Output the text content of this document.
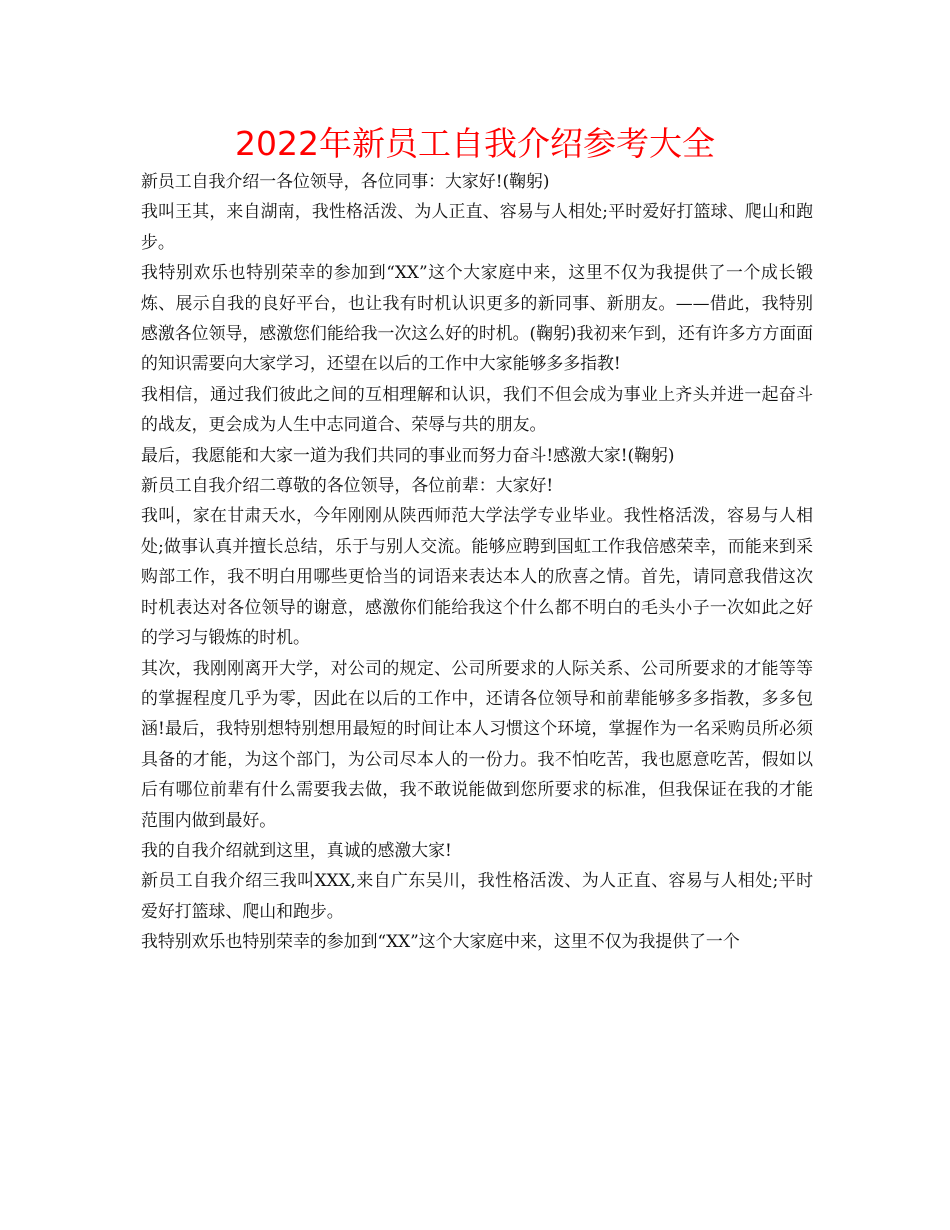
2022年新员工自我介绍参考大全

新员工自我介绍一各位领导，各位同事：大家好!(鞠躬)

我叫王其，来自湖南，我性格活泼、为人正直、容易与人相处;平时爱好打篮球、爬山和跑步。

我特别欢乐也特别荣幸的参加到“XX”这个大家庭中来，这里不仅为我提供了一个成长锻炼、展示自我的良好平台，也让我有时机认识更多的新同事、新朋友。——借此，我特别感激各位领导，感激您们能给我一次这么好的时机。(鞠躬)我初来乍到，还有许多方方面面的知识需要向大家学习，还望在以后的工作中大家能够多多指教!

我相信，通过我们彼此之间的互相理解和认识，我们不但会成为事业上齐头并进一起奋斗的战友，更会成为人生中志同道合、荣辱与共的朋友。

最后，我愿能和大家一道为我们共同的事业而努力奋斗!感激大家!(鞠躬)

新员工自我介绍二尊敬的各位领导，各位前辈：大家好!

我叫，家在甘肃天水，今年刚刚从陕西师范大学法学专业毕业。我性格活泼，容易与人相处;做事认真并擅长总结，乐于与别人交流。能够应聘到国虹工作我倍感荣幸，而能来到采购部工作，我不明白用哪些更恰当的词语来表达本人的欣喜之情。首先，请同意我借这次时机表达对各位领导的谢意，感激你们能给我这个什么都不明白的毛头小子一次如此之好的学习与锻炼的时机。

其次，我刚刚离开大学，对公司的规定、公司所要求的人际关系、公司所要求的才能等等的掌握程度几乎为零，因此在以后的工作中，还请各位领导和前辈能够多多指教，多多包涵!最后，我特别想特别想用最短的时间让本人习惯这个环境，掌握作为一名采购员所必须具备的才能，为这个部门，为公司尽本人的一份力。我不怕吃苦，我也愿意吃苦，假如以后有哪位前辈有什么需要我去做，我不敢说能做到您所要求的标准，但我保证在我的才能范围内做到最好。

我的自我介绍就到这里，真诚的感激大家!

新员工自我介绍三我叫XXX,来自广东吴川，我性格活泼、为人正直、容易与人相处;平时爱好打篮球、爬山和跑步。

我特别欢乐也特别荣幸的参加到“XX”这个大家庭中来，这里不仅为我提供了一个
